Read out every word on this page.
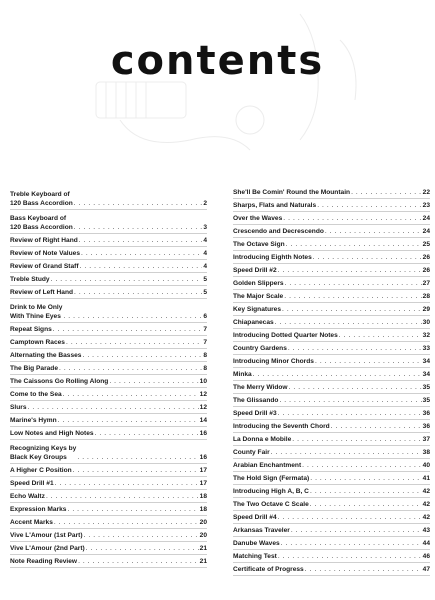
contents
Treble Keyboard of
120 Bass Accordion . . .	2
Bass Keyboard of
120 Bass Accordion . . .	3
Review of Right Hand . . .	4
Review of Note Values . . .	4
Review of Grand Staff . . .	4
Treble Study . . .	5
Review of Left Hand . . .	5
Drink to Me Only
With Thine Eyes . . .	6
Repeat Signs . . .	7
Camptown Races . . .	7
Alternating the Basses . . .	8
The Big Parade . . .	8
The Caissons Go Rolling Along . . .	10
Come to the Sea . . .	12
Slurs . . .	12
Marine's Hymn . . .	14
Low Notes and High Notes . . .	16
Recognizing Keys by
Black Key Groups . . .	16
A Higher C Position . . .	17
Speed Drill #1 . . .	17
Echo Waltz . . .	18
Expression Marks . . .	18
Accent Marks . . .	20
Vive L'Amour (1st Part) . . .	20
Vive L'Amour (2nd Part) . . .	21
Note Reading Review . . .	21
She'll Be Comin' Round the Mountain . . .	22
Sharps, Flats and Naturals . . .	23
Over the Waves . . .	24
Crescendo and Decrescendo . . .	24
The Octave Sign . . .	25
Introducing Eighth Notes . . .	26
Speed Drill #2 . . .	26
Golden Slippers . . .	27
The Major Scale . . .	28
Key Signatures . . .	29
Chiapanecas . . .	30
Introducing Dotted Quarter Notes . . .	32
Country Gardens . . .	33
Introducing Minor Chords . . .	34
Minka . . .	34
The Merry Widow . . .	35
The Glissando . . .	35
Speed Drill #3 . . .	36
Introducing the Seventh Chord . . .	36
La Donna e Mobile . . .	37
County Fair . . .	38
Arabian Enchantment . . .	40
The Hold Sign (Fermata) . . .	41
Introducing High A, B, C . . .	42
The Two Octave C Scale . . .	42
Speed Drill #4 . . .	42
Arkansas Traveler . . .	43
Danube Waves . . .	44
Matching Test . . .	46
Certificate of Progress . . .	47
